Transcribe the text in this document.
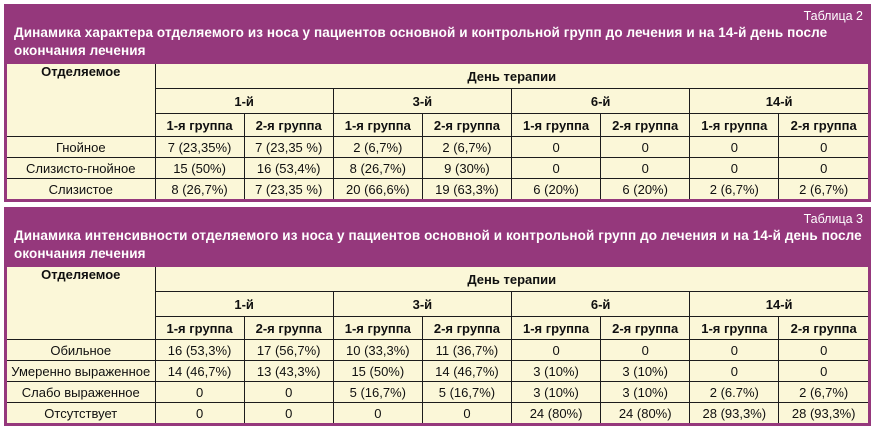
Таблица 2
Динамика характера отделяемого из носа у пациентов основной и контрольной групп до лечения и на 14-й день после окончания лечения
Отделяемое	День терапии							
	1-й		3-й		6-й		14-й	
	1-я группа	2-я группа	1-я группа	2-я группа	1-я группа	2-я группа	1-я группа	2-я группа
Гнойное	7 (23,35%)	7 (23,35 %)	2 (6,7%)	2 (6,7%)	0	0	0	0
Слизисто-гнойное	15 (50%)	16 (53,4%)	8 (26,7%)	9 (30%)	0	0	0	0
Слизистое	8 (26,7%)	7 (23,35 %)	20 (66,6%)	19 (63,3%)	6 (20%)	6 (20%)	2 (6,7%)	2 (6,7%)
Таблица 3
Динамика интенсивности отделяемого из носа у пациентов основной и контрольной групп до лечения и на 14-й день после окончания лечения
Отделяемое	День терапии							
	1-й		3-й		6-й		14-й	
	1-я группа	2-я группа	1-я группа	2-я группа	1-я группа	2-я группа	1-я группа	2-я группа
Обильное	16 (53,3%)	17 (56,7%)	10 (33,3%)	11 (36,7%)	0	0	0	0
Умеренно выраженное	14 (46,7%)	13 (43,3%)	15 (50%)	14 (46,7%)	3 (10%)	3 (10%)	0	0
Слабо выраженное	0	0	5 (16,7%)	5 (16,7%)	3 (10%)	3 (10%)	2 (6.7%)	2 (6,7%)
Отсутствует	0	0	0	0	24 (80%)	24 (80%)	28 (93,3%)	28 (93,3%)
